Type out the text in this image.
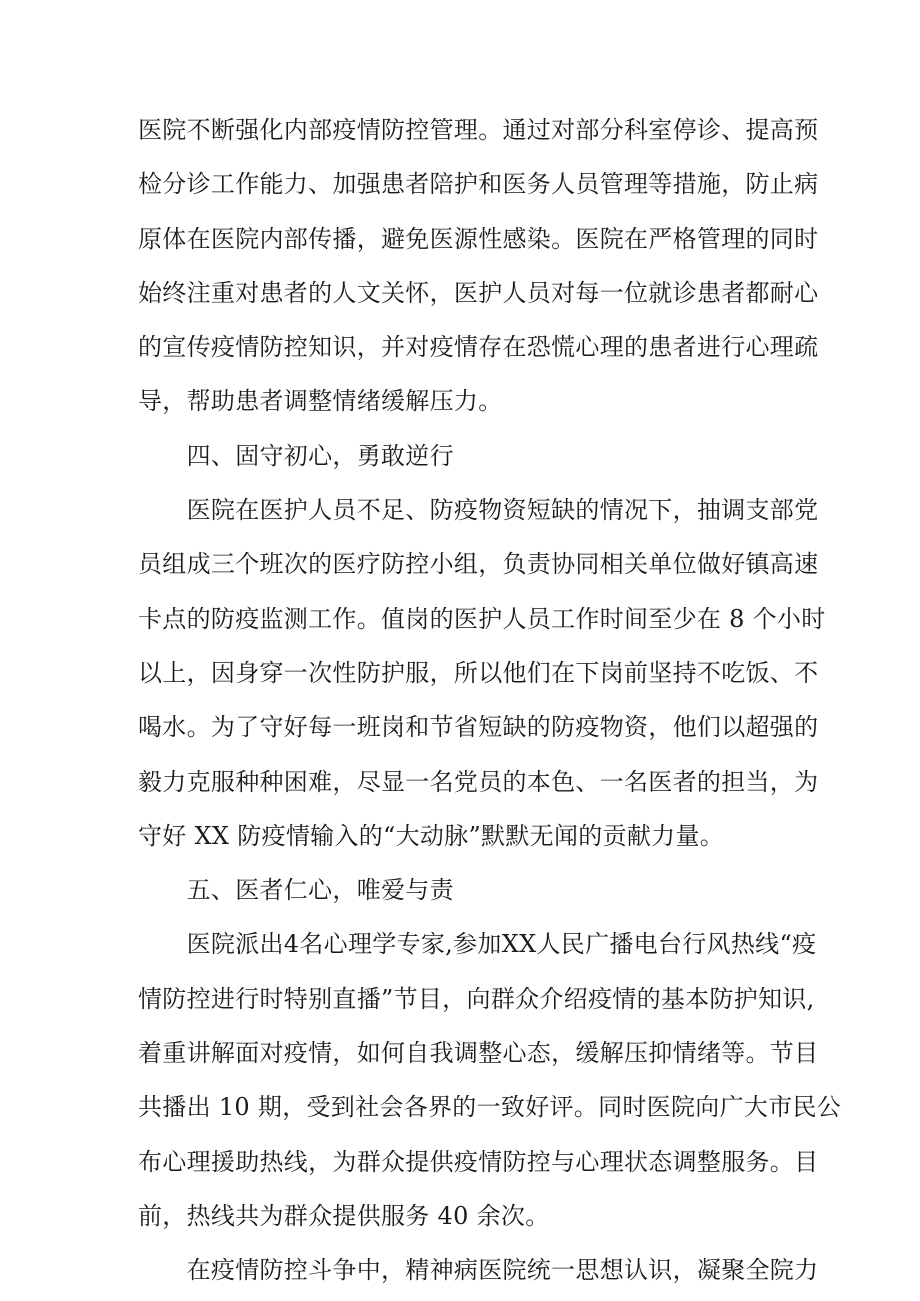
医院不断强化内部疫情防控管理。通过对部分科室停诊、提高预
检分诊工作能力、加强患者陪护和医务人员管理等措施，防止病
原体在医院内部传播，避免医源性感染。医院在严格管理的同时
始终注重对患者的人文关怀，医护人员对每一位就诊患者都耐心
的宣传疫情防控知识，并对疫情存在恐慌心理的患者进行心理疏
导，帮助患者调整情绪缓解压力。
　　四、固守初心，勇敢逆行
　　医院在医护人员不足、防疫物资短缺的情况下，抽调支部党
员组成三个班次的医疗防控小组，负责协同相关单位做好镇高速
卡点的防疫监测工作。值岗的医护人员工作时间至少在 8 个小时
以上，因身穿一次性防护服，所以他们在下岗前坚持不吃饭、不
喝水。为了守好每一班岗和节省短缺的防疫物资，他们以超强的
毅力克服种种困难，尽显一名党员的本色、一名医者的担当，为
守好 XX 防疫情输入的“大动脉”默默无闻的贡献力量。
　　五、医者仁心，唯爱与责
　　医院派出4名心理学专家,参加XX人民广播电台行风热线“疫
情防控进行时特别直播”节目，向群众介绍疫情的基本防护知识,
着重讲解面对疫情，如何自我调整心态，缓解压抑情绪等。节目
共播出 10 期，受到社会各界的一致好评。同时医院向广大市民公
布心理援助热线，为群众提供疫情防控与心理状态调整服务。目
前，热线共为群众提供服务 40 余次。
　　在疫情防控斗争中，精神病医院统一思想认识，凝聚全院力
